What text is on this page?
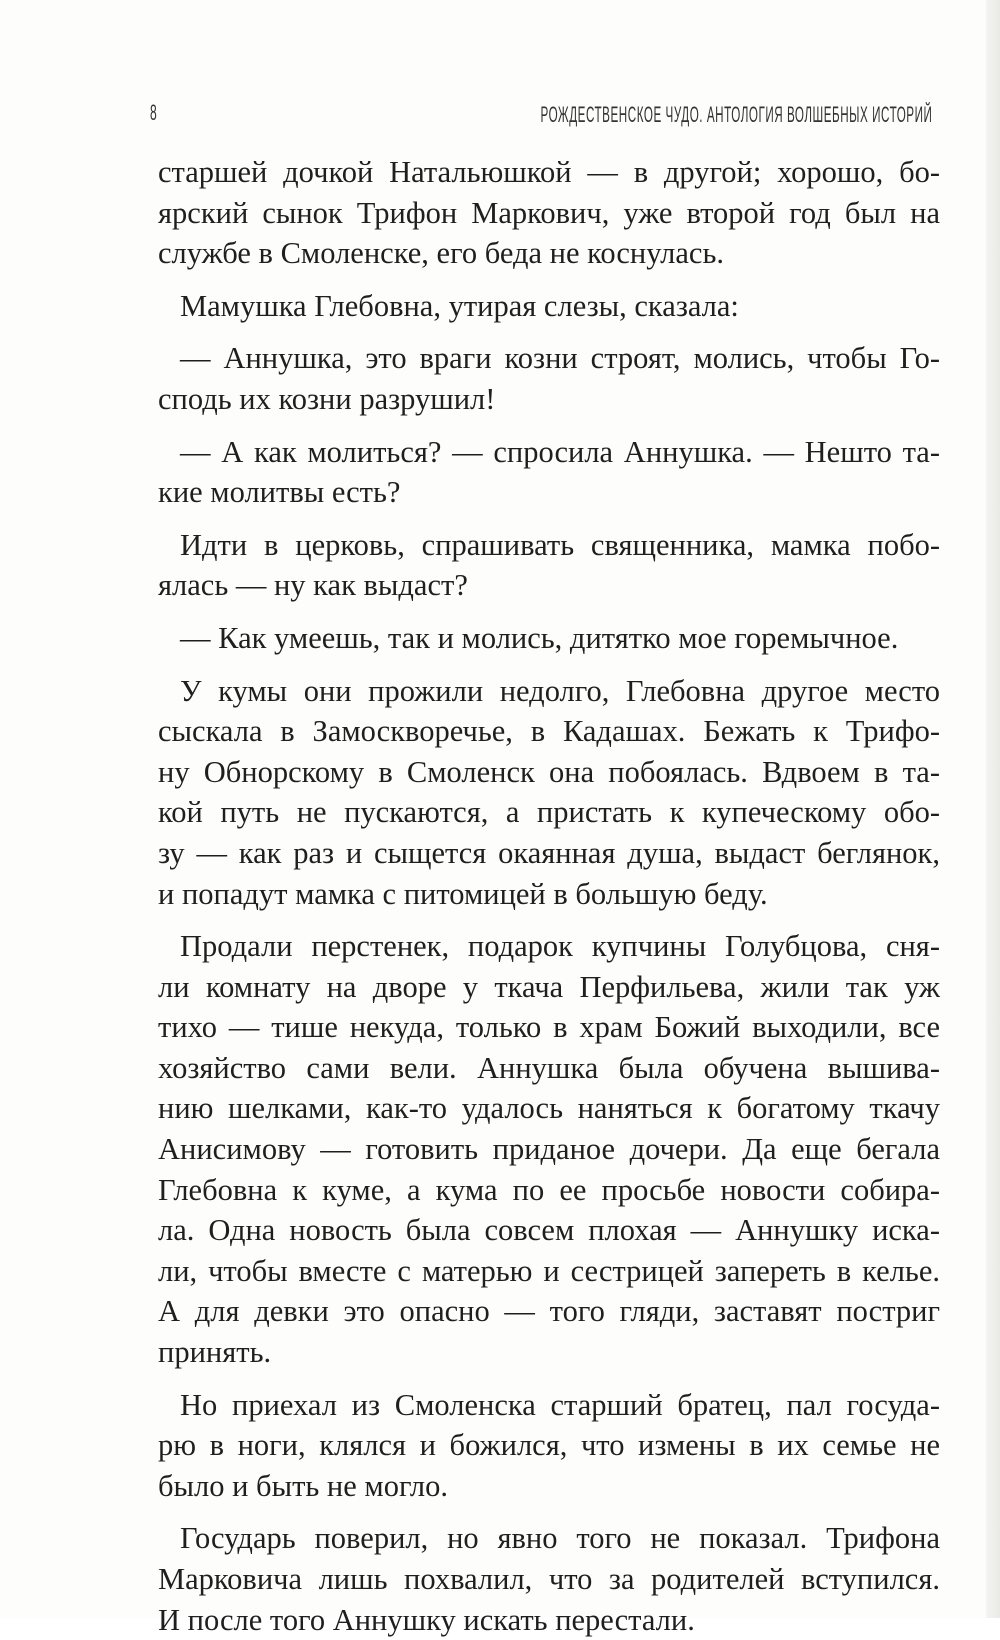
8	РОЖДЕСТВЕНСКОЕ ЧУДО. АНТОЛОГИЯ ВОЛШЕБНЫХ ИСТОРИЙ
старшей дочкой Натальюшкой — в другой; хорошо, бо-
ярский сынок Трифон Маркович, уже второй год был на
службе в Смоленске, его беда не коснулась.
Мамушка Глебовна, утирая слезы, сказала:
— Аннушка, это враги козни строят, молись, чтобы Го-
сподь их козни разрушил!
— А как молиться? — спросила Аннушка. — Нешто та-
кие молитвы есть?
Идти в церковь, спрашивать священника, мамка побо-
ялась — ну как выдаст?
— Как умеешь, так и молись, дитятко мое горемычное.
У кумы они прожили недолго, Глебовна другое место
сыскала в Замоскворечье, в Кадашах. Бежать к Трифо-
ну Обнорскому в Смоленск она побоялась. Вдвоем в та-
кой путь не пускаются, а пристать к купеческому обо-
зу — как раз и сыщется окаянная душа, выдаст беглянок,
и попадут мамка с питомицей в большую беду.
Продали перстенек, подарок купчины Голубцова, сня-
ли комнату на дворе у ткача Перфильева, жили так уж
тихо — тише некуда, только в храм Божий выходили, все
хозяйство сами вели. Аннушка была обучена вышива-
нию шелками, как-то удалось наняться к богатому ткачу
Анисимову — готовить приданое дочери. Да еще бегала
Глебовна к куме, а кума по ее просьбе новости собира-
ла. Одна новость была совсем плохая — Аннушку иска-
ли, чтобы вместе с матерью и сестрицей запереть в келье.
А для девки это опасно — того гляди, заставят постриг
принять.
Но приехал из Смоленска старший братец, пал госуда-
рю в ноги, клялся и божился, что измены в их семье не
было и быть не могло.
Государь поверил, но явно того не показал. Трифона
Марковича лишь похвалил, что за родителей вступился.
И после того Аннушку искать перестали.
